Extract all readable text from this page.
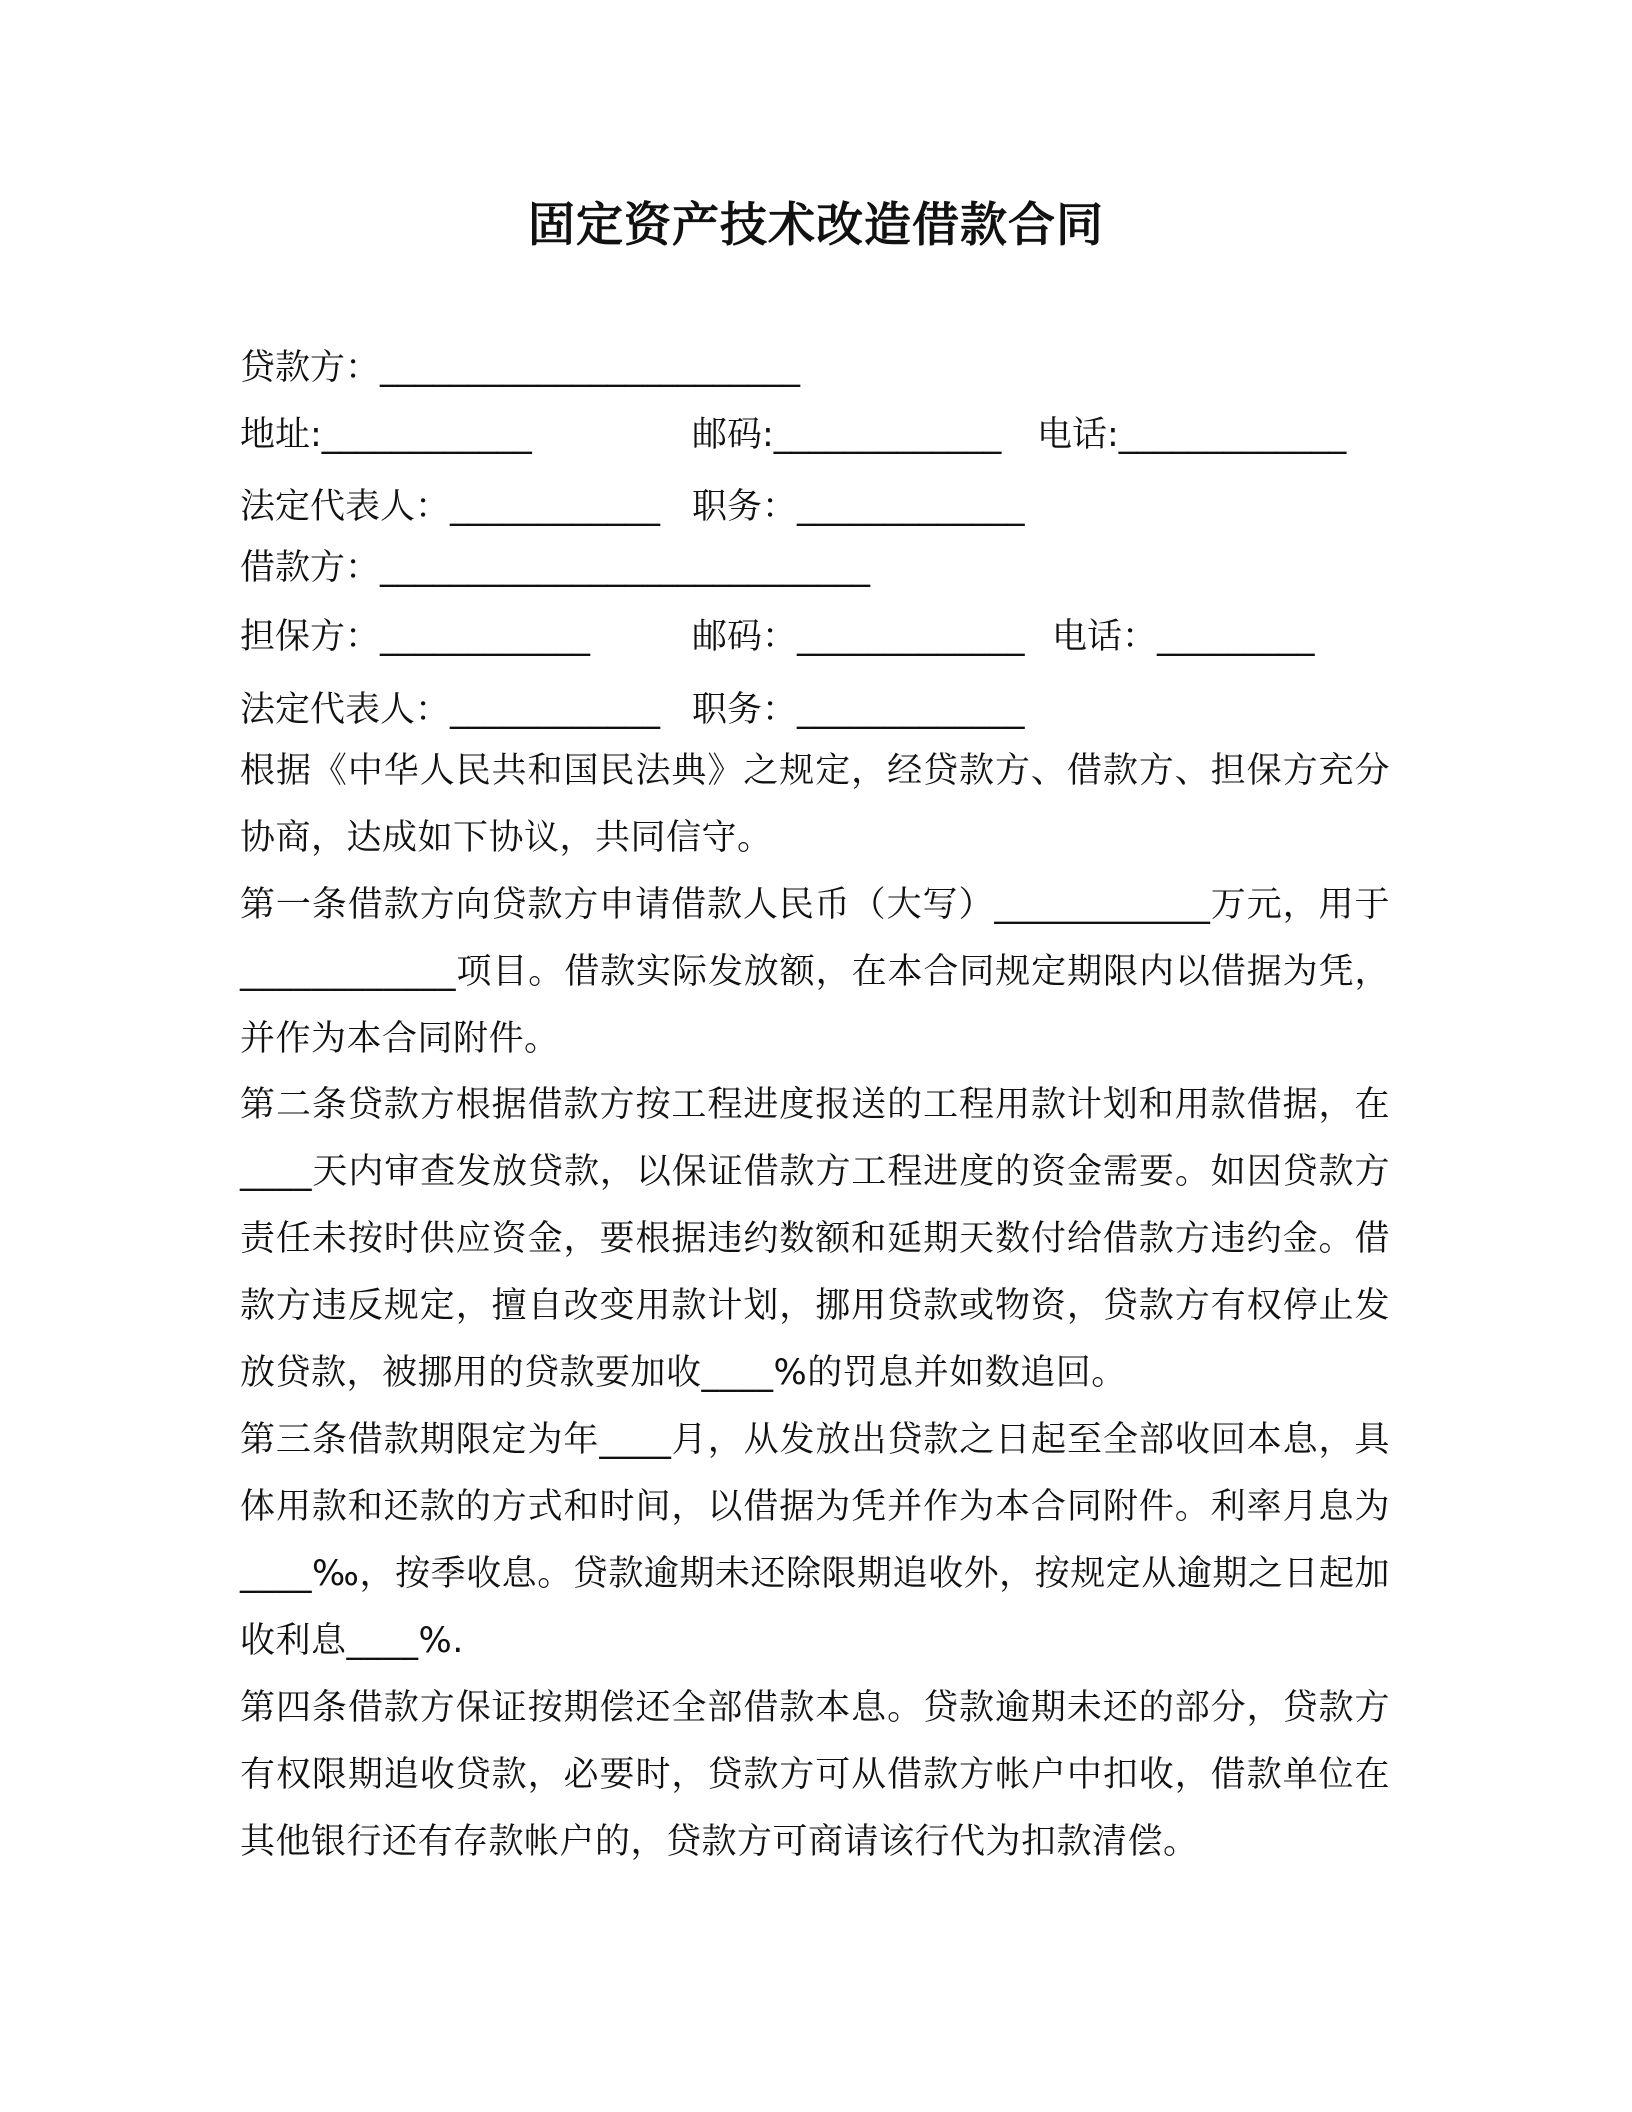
固定资产技术改造借款合同
贷款方：________________________

地址:____________

	邮码:_____________

电话:_____________

法定代表人：____________

职务：_____________

借款方：____________________________

担保方：____________

	邮码：_____________

电话：_________

法定代表人：____________

职务：_____________

根据《中华人民共和国民法典》之规定，经贷款方、借款方、担保方充分协商，达成如下协议，共同信守。
第一条借款方向贷款方申请借款人民币（大写）____________万元，用于____________项目。借款实际发放额，在本合同规定期限内以借据为凭，并作为本合同附件。
第二条贷款方根据借款方按工程进度报送的工程用款计划和用款借据，在____天内审查发放贷款，以保证借款方工程进度的资金需要。如因贷款方责任未按时供应资金，要根据违约数额和延期天数付给借款方违约金。借款方违反规定，擅自改变用款计划，挪用贷款或物资，贷款方有权停止发放贷款，被挪用的贷款要加收____%的罚息并如数追回。
第三条借款期限定为年____月，从发放出贷款之日起至全部收回本息，具体用款和还款的方式和时间，以借据为凭并作为本合同附件。利率月息为____‰，按季收息。贷款逾期未还除限期追收外，按规定从逾期之日起加收利息____%.
第四条借款方保证按期偿还全部借款本息。贷款逾期未还的部分，贷款方有权限期追收贷款，必要时，贷款方可从借款方帐户中扣收，借款单位在其他银行还有存款帐户的，贷款方可商请该行代为扣款清偿。
